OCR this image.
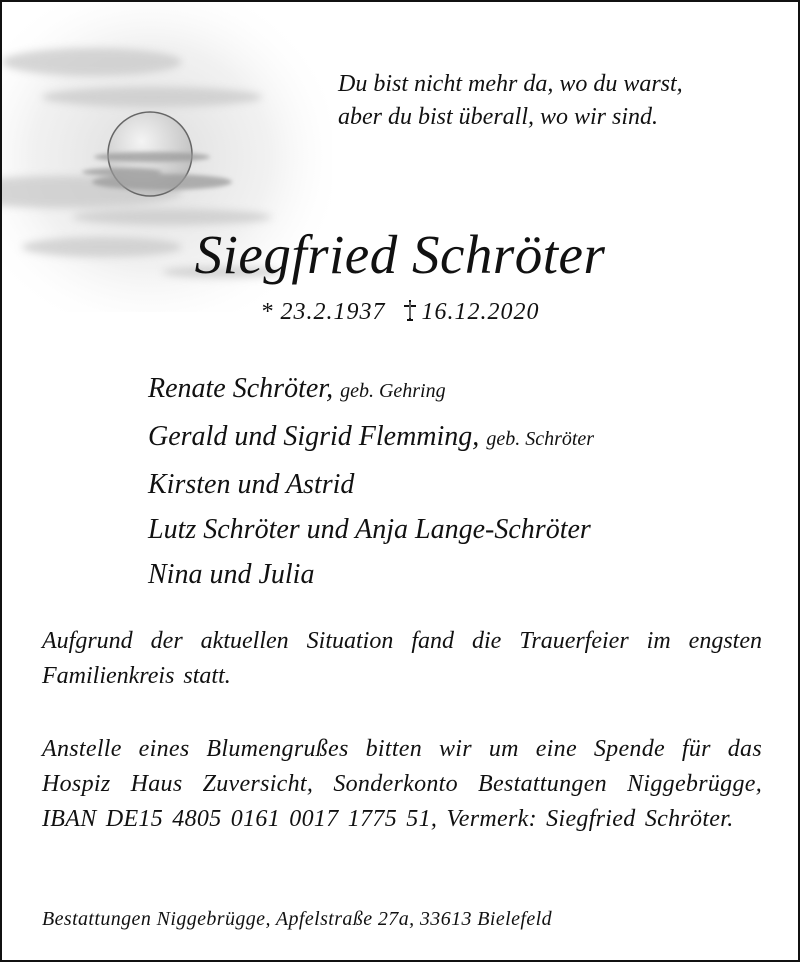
Du bist nicht mehr da, wo du warst,
aber du bist überall, wo wir sind.
Siegfried Schröter
* 23.2.1937 16.12.2020
Renate Schröter, geb. Gehring
Gerald und Sigrid Flemming, geb. Schröter
Kirsten und Astrid
Lutz Schröter und Anja Lange-Schröter
Nina und Julia
Aufgrund der aktuellen Situation fand die Trauerfeier im engsten Familienkreis statt.
Anstelle eines Blumengrußes bitten wir um eine Spende für das Hospiz Haus Zuversicht, Sonderkonto Bestattungen Niggebrügge, IBAN DE15 4805 0161 0017 1775 51, Vermerk: Siegfried Schröter.
Bestattungen Niggebrügge, Apfelstraße 27a, 33613 Bielefeld
